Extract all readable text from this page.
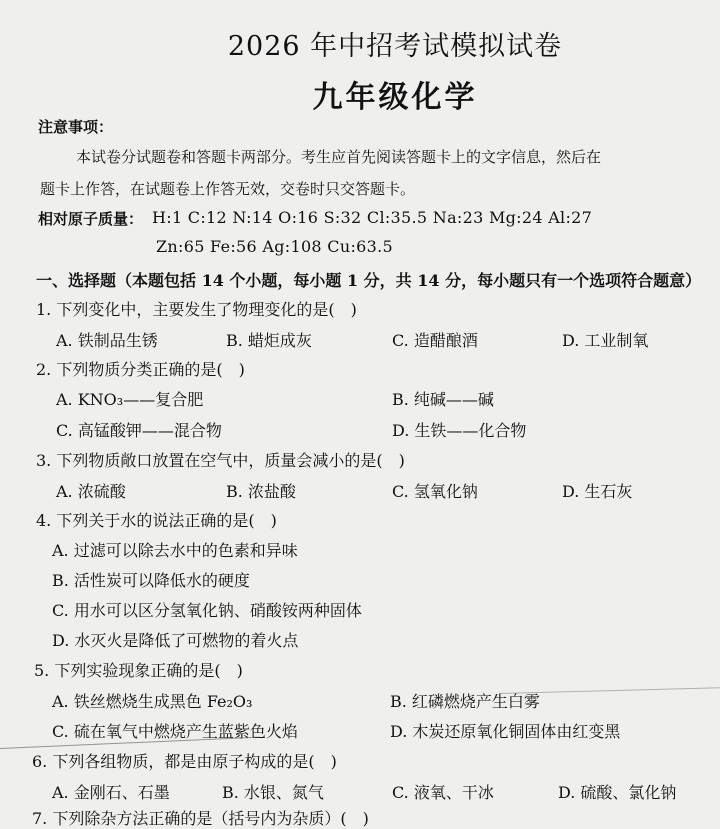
2026 年中招考试模拟试卷
九年级化学
注意事项：
本试卷分试题卷和答题卡两部分。考生应首先阅读答题卡上的文字信息，然后在
题卡上作答，在试题卷上作答无效，交卷时只交答题卡。
相对原子质量： H:1 C:12 N:14 O:16 S:32 Cl:35.5 Na:23 Mg:24 Al:27
Zn:65 Fe:56 Ag:108 Cu:63.5
一、选择题（本题包括 14 个小题，每小题 1 分，共 14 分，每小题只有一个选项符合题意）
1. 下列变化中，主要发生了物理变化的是(　)
A. 铁制品生锈	B. 蜡炬成灰	C. 造醋酿酒	D. 工业制氧
2. 下列物质分类正确的是(　)
A. KNO₃——复合肥	B. 纯碱——碱
C. 高锰酸钾——混合物	D. 生铁——化合物
3. 下列物质敞口放置在空气中，质量会减小的是(　)
A. 浓硫酸	B. 浓盐酸	C. 氢氧化钠	D. 生石灰
4. 下列关于水的说法正确的是(　)
A. 过滤可以除去水中的色素和异味
B. 活性炭可以降低水的硬度
C. 用水可以区分氢氧化钠、硝酸铵两种固体
D. 水灭火是降低了可燃物的着火点
5. 下列实验现象正确的是(　)
A. 铁丝燃烧生成黑色 Fe₂O₃	B. 红磷燃烧产生白雾
C. 硫在氧气中燃烧产生蓝紫色火焰	D. 木炭还原氧化铜固体由红变黑
6. 下列各组物质，都是由原子构成的是(　)
A. 金刚石、石墨	B. 水银、氮气	C. 液氧、干冰	D. 硫酸、氯化钠
7. 下列除杂方法正确的是（括号内为杂质）(　)
